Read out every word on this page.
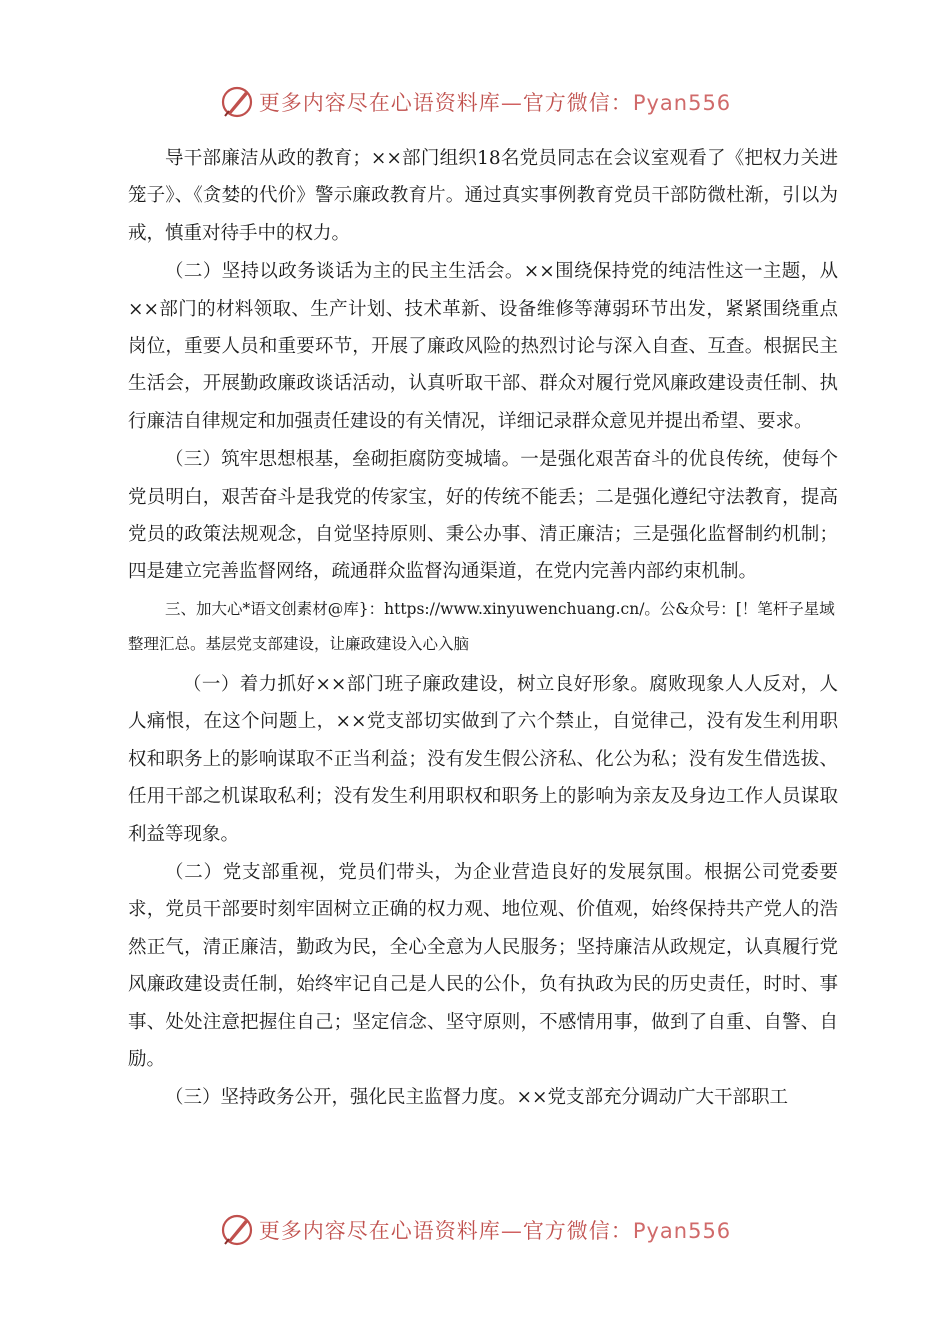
更多内容尽在心语资料库—官方微信：Pyan556

导干部廉洁从政的教育；××部门组织18名党员同志在会议室观看了《把权力关进笼子》、《贪婪的代价》警示廉政教育片。通过真实事例教育党员干部防微杜渐，引以为戒，慎重对待手中的权力。

（二）坚持以政务谈话为主的民主生活会。××围绕保持党的纯洁性这一主题，从××部门的材料领取、生产计划、技术革新、设备维修等薄弱环节出发，紧紧围绕重点岗位，重要人员和重要环节，开展了廉政风险的热烈讨论与深入自查、互查。根据民主生活会，开展勤政廉政谈话活动，认真听取干部、群众对履行党风廉政建设责任制、执行廉洁自律规定和加强责任建设的有关情况，详细记录群众意见并提出希望、要求。

（三）筑牢思想根基，垒砌拒腐防变城墙。一是强化艰苦奋斗的优良传统，使每个党员明白，艰苦奋斗是我党的传家宝，好的传统不能丢；二是强化遵纪守法教育，提高党员的政策法规观念，自觉坚持原则、秉公办事、清正廉洁；三是强化监督制约机制；四是建立完善监督网络，疏通群众监督沟通渠道，在党内完善内部约束机制。

三、加大心*语文创素材@库}：https://www.xinyuwenchuang.cn/。公&众号：[！笔杆子星域

整理汇总。基层党支部建设，让廉政建设入心入脑

（一）着力抓好××部门班子廉政建设，树立良好形象。腐败现象人人反对，人人痛恨，在这个问题上，××党支部切实做到了六个禁止，自觉律己，没有发生利用职权和职务上的影响谋取不正当利益；没有发生假公济私、化公为私；没有发生借选拔、任用干部之机谋取私利；没有发生利用职权和职务上的影响为亲友及身边工作人员谋取利益等现象。

（二）党支部重视，党员们带头，为企业营造良好的发展氛围。根据公司党委要求，党员干部要时刻牢固树立正确的权力观、地位观、价值观，始终保持共产党人的浩然正气，清正廉洁，勤政为民，全心全意为人民服务；坚持廉洁从政规定，认真履行党风廉政建设责任制，始终牢记自己是人民的公仆，负有执政为民的历史责任，时时、事事、处处注意把握住自己；坚定信念、坚守原则，不感情用事，做到了自重、自警、自励。

（三）坚持政务公开，强化民主监督力度。××党支部充分调动广大干部职工

更多内容尽在心语资料库—官方微信：Pyan556
